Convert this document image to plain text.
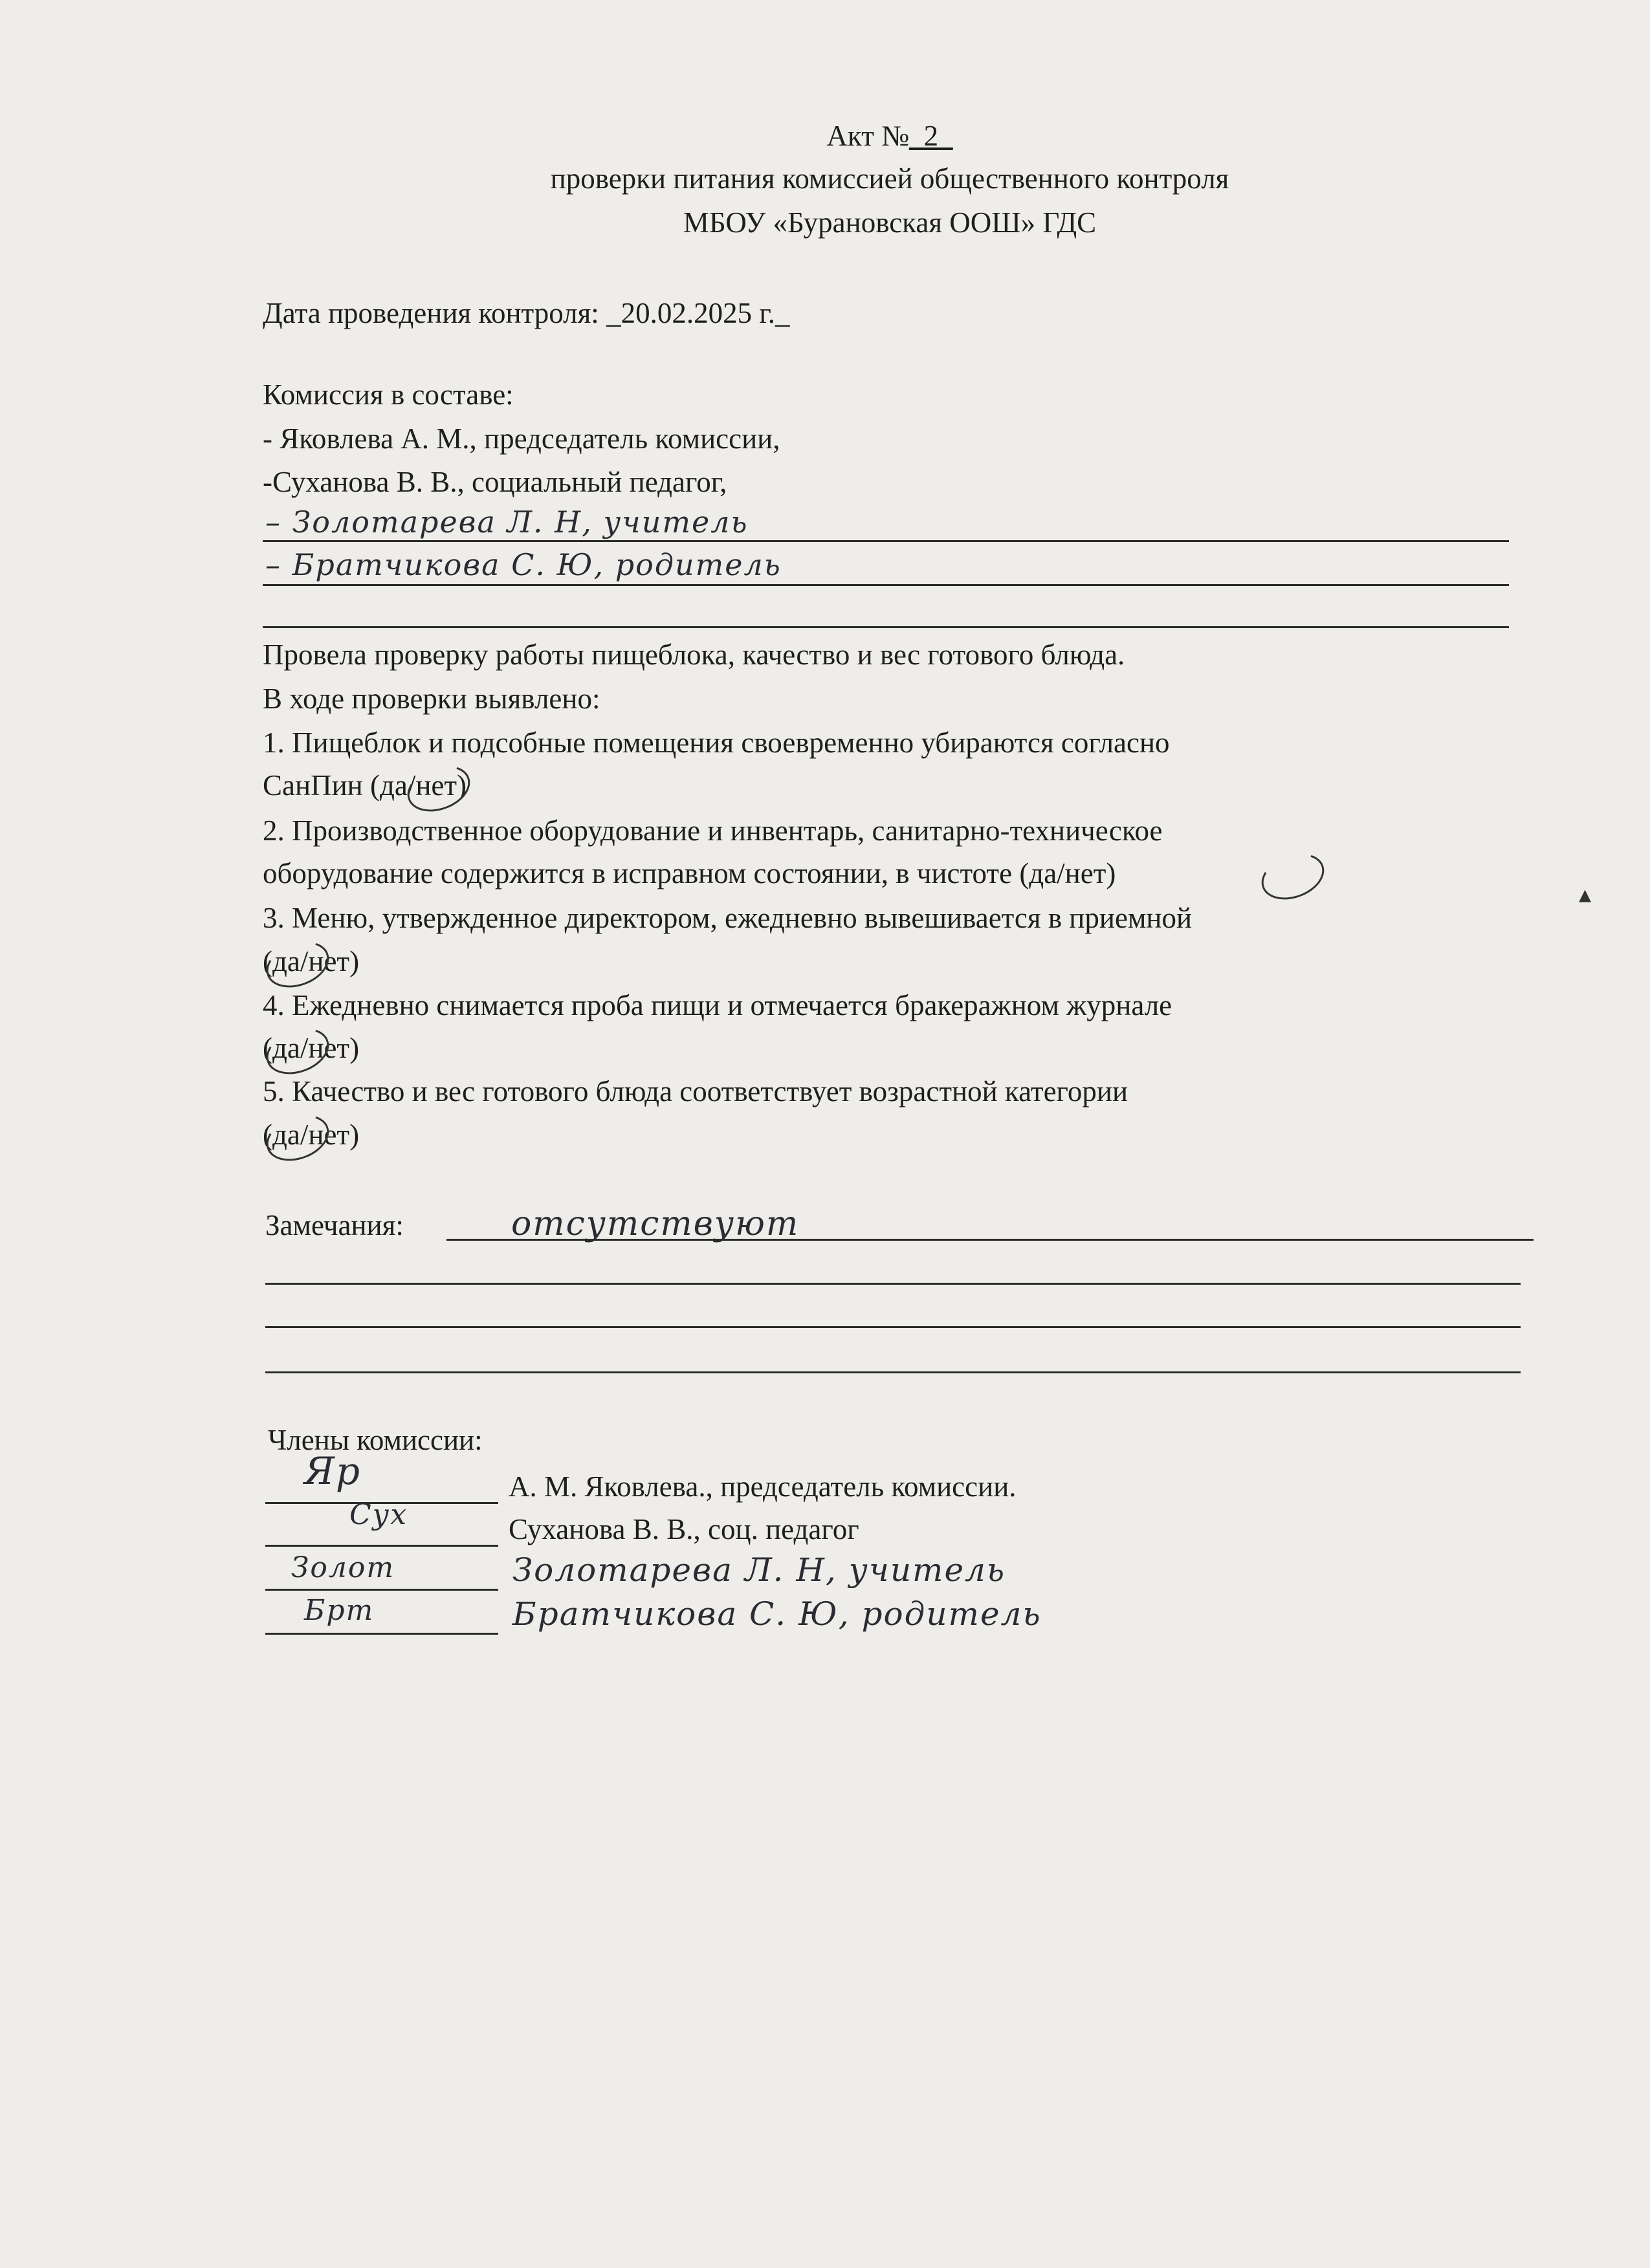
Акт №_2_
проверки питания комиссией общественного контроля
МБОУ «Бурановская ООШ» ГДС
Дата проведения контроля: _20.02.2025 г._
Комиссия в составе:
- Яковлева А. М., председатель комиссии,
-Суханова В. В., социальный педагог,
– Золотарева Л. Н, учитель
– Братчикова С. Ю, родитель
Провела проверку работы пищеблока, качество и вес готового блюда.
В ходе проверки выявлено:
1. Пищеблок и подсобные помещения своевременно убираются согласно
СанПин (да/нет)
2. Производственное оборудование и инвентарь, санитарно-техническое
оборудование содержится в исправном состоянии, в чистоте (да/нет)
3. Меню, утвержденное директором, ежедневно вывешивается в приемной
(да/нет)
4. Ежедневно снимается проба пищи и отмечается бракеражном журнале
(да/нет)
5. Качество и вес готового блюда соответствует возрастной категории
(да/нет)
Замечания:	отсутствуют
Члены комиссии:
Яр	А. М. Яковлева., председатель комиссии.
Сух	Суханова В. В., соц. педагог
Золот	Золотарева Л. Н, учитель
Брт	Братчикова С. Ю, родитель
▴
